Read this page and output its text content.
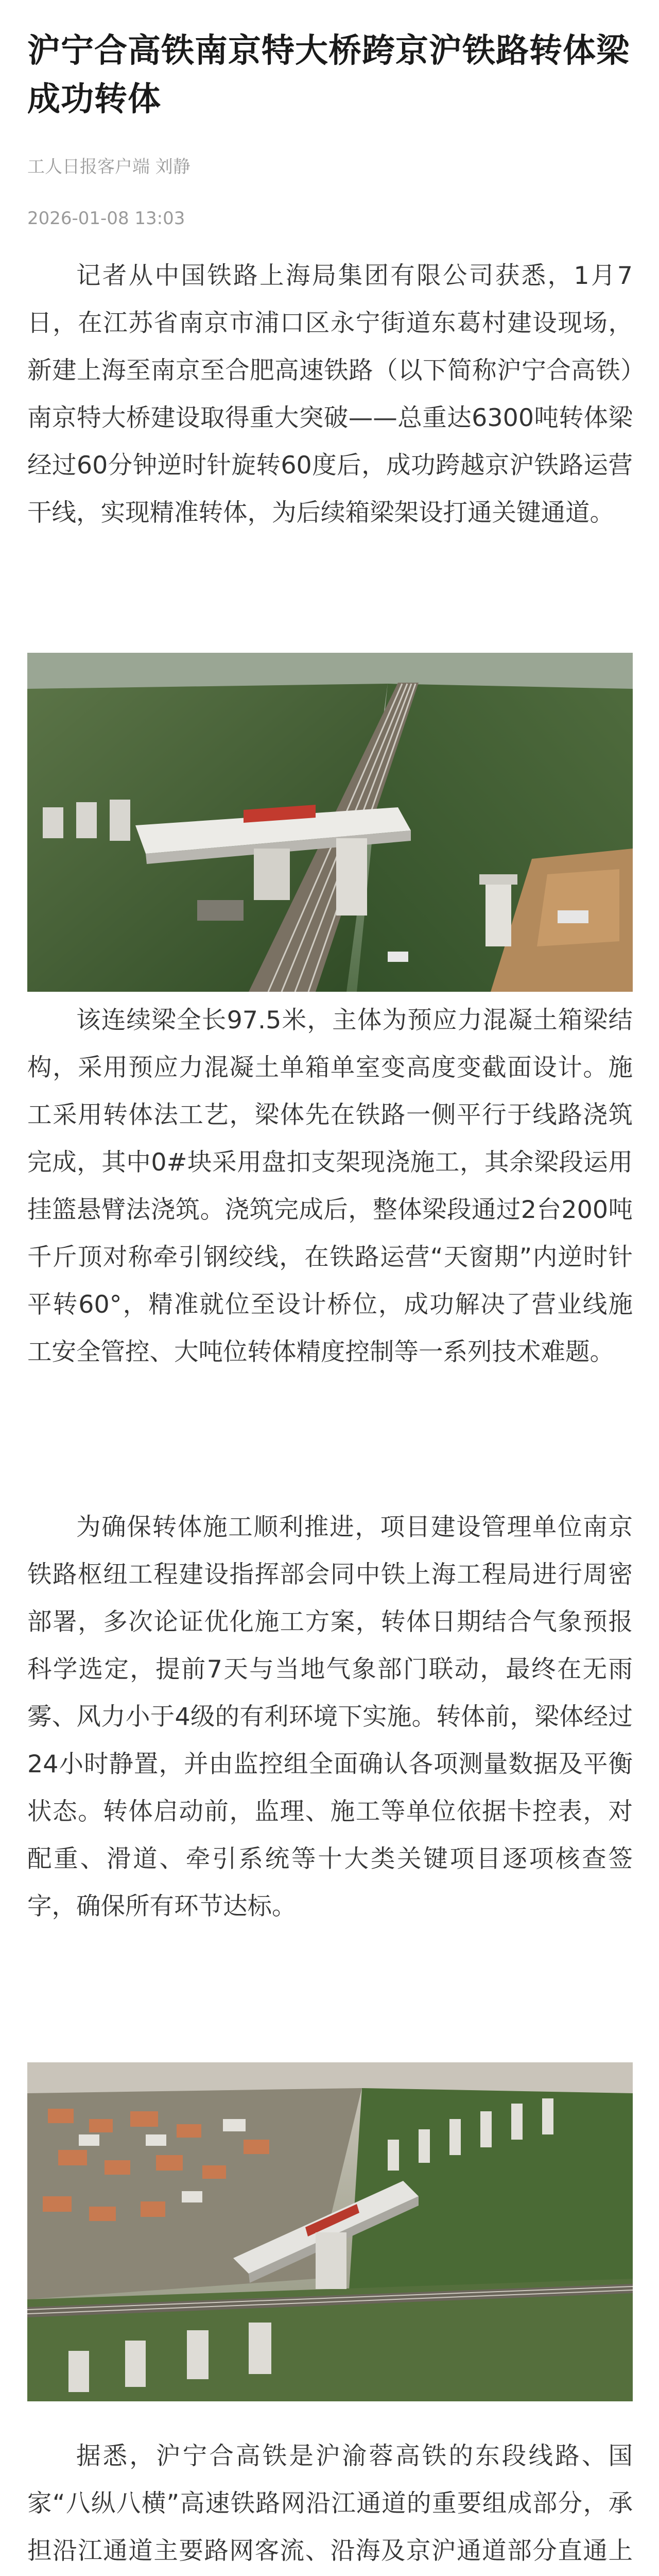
沪宁合高铁南京特大桥跨京沪铁路转体梁成功转体

工人日报客户端 刘静

2026-01-08 13:03

记者从中国铁路上海局集团有限公司获悉，1月7日，在江苏省南京市浦口区永宁街道东葛村建设现场，新建上海至南京至合肥高速铁路（以下简称沪宁合高铁）南京特大桥建设取得重大突破——总重达6300吨转体梁经过60分钟逆时针旋转60度后，成功跨越京沪铁路运营干线，实现精准转体，为后续箱梁架设打通关键通道。

该连续梁全长97.5米，主体为预应力混凝土箱梁结构，采用预应力混凝土单箱单室变高度变截面设计。施工采用转体法工艺，梁体先在铁路一侧平行于线路浇筑完成，其中0#块采用盘扣支架现浇施工，其余梁段运用挂篮悬臂法浇筑。浇筑完成后，整体梁段通过2台200吨千斤顶对称牵引钢绞线，在铁路运营“天窗期”内逆时针平转60°，精准就位至设计桥位，成功解决了营业线施工安全管控、大吨位转体精度控制等一系列技术难题。

为确保转体施工顺利推进，项目建设管理单位南京铁路枢纽工程建设指挥部会同中铁上海工程局进行周密部署，多次论证优化施工方案，转体日期结合气象预报科学选定，提前7天与当地气象部门联动，最终在无雨雾、风力小于4级的有利环境下实施。转体前，梁体经过24小时静置，并由监控组全面确认各项测量数据及平衡状态。转体启动前，监理、施工等单位依据卡控表，对配重、滑道、牵引系统等十大类关键项目逐项核查签字，确保所有环节达标。

据悉，沪宁合高铁是沪渝蓉高铁的东段线路、国家“八纵八横”高速铁路网沿江通道的重要组成部分，承担沿江通道主要路网客流、沿海及京沪通道部分直通上
